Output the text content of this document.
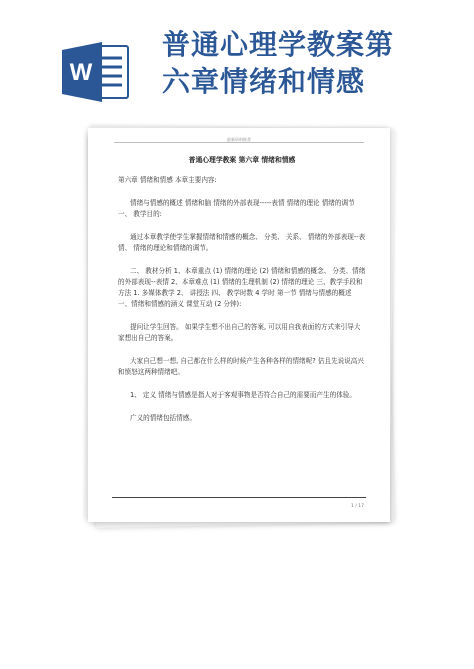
W
普通心理学教案第
六章情绪和情感
最新资料推荐
普通心理学教案 第六章 情绪和情感

第六章 情绪和情感 本章主要内容:

情绪与情感的概述 情绪和脑 情绪的外部表现-----表情 情绪的理论 情绪的调节 一、 教学目的:

通过本章教学使学生掌握情绪和情感的概念、 分类、 关系、 情绪的外部表现--表情、 情绪的理论和情绪的调节。

二、 教材分析 1、本章重点 (1) 情绪的理论 (2) 情绪和情感的概念、 分类、情绪的外部表现--表情 2、本章难点 (1) 情绪的生理机制 (2) 情绪的理论 三、教学手段和方法 1. 多媒体教学 2、 讲授法 四、 教学时数 4 学时 第一节 情绪与情感的概述 一、情绪和情感的涵义 课堂互动 (2 分钟):

提问让学生回答。 如果学生想不出自己的答案, 可以用自我表面的方式来引导大家想出自己的答案。

大家自己想一想, 自己都在什么样的时候产生各种各样的情绪呢? 估且先说说高兴和愤怒这两种情绪吧。

1、 定义 情绪与情感是指人对于客观事物是否符合自己的需要而产生的体验。

广义的情绪包括情感。

1 / 17
